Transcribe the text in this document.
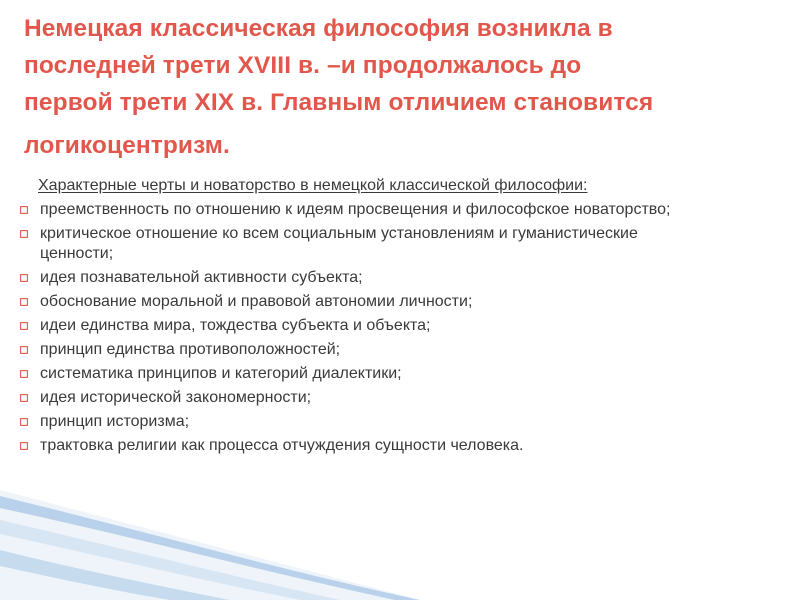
Немецкая классическая философия возникла в
последней трети XVIII в. –и продолжалось до
первой трети XIX в. Главным отличием становится
логикоцентризм.
Характерные черты и новаторство в немецкой классической философии:
преемственность по отношению к идеям просвещения и философское новаторство;
критическое отношение ко всем социальным установлениям и гуманистические ценности;
идея познавательной активности субъекта;
обоснование моральной и правовой автономии личности;
идеи единства мира, тождества субъекта и объекта;
принцип единства противоположностей;
систематика принципов и категорий диалектики;
идея исторической закономерности;
принцип историзма;
трактовка религии как процесса отчуждения сущности человека.
